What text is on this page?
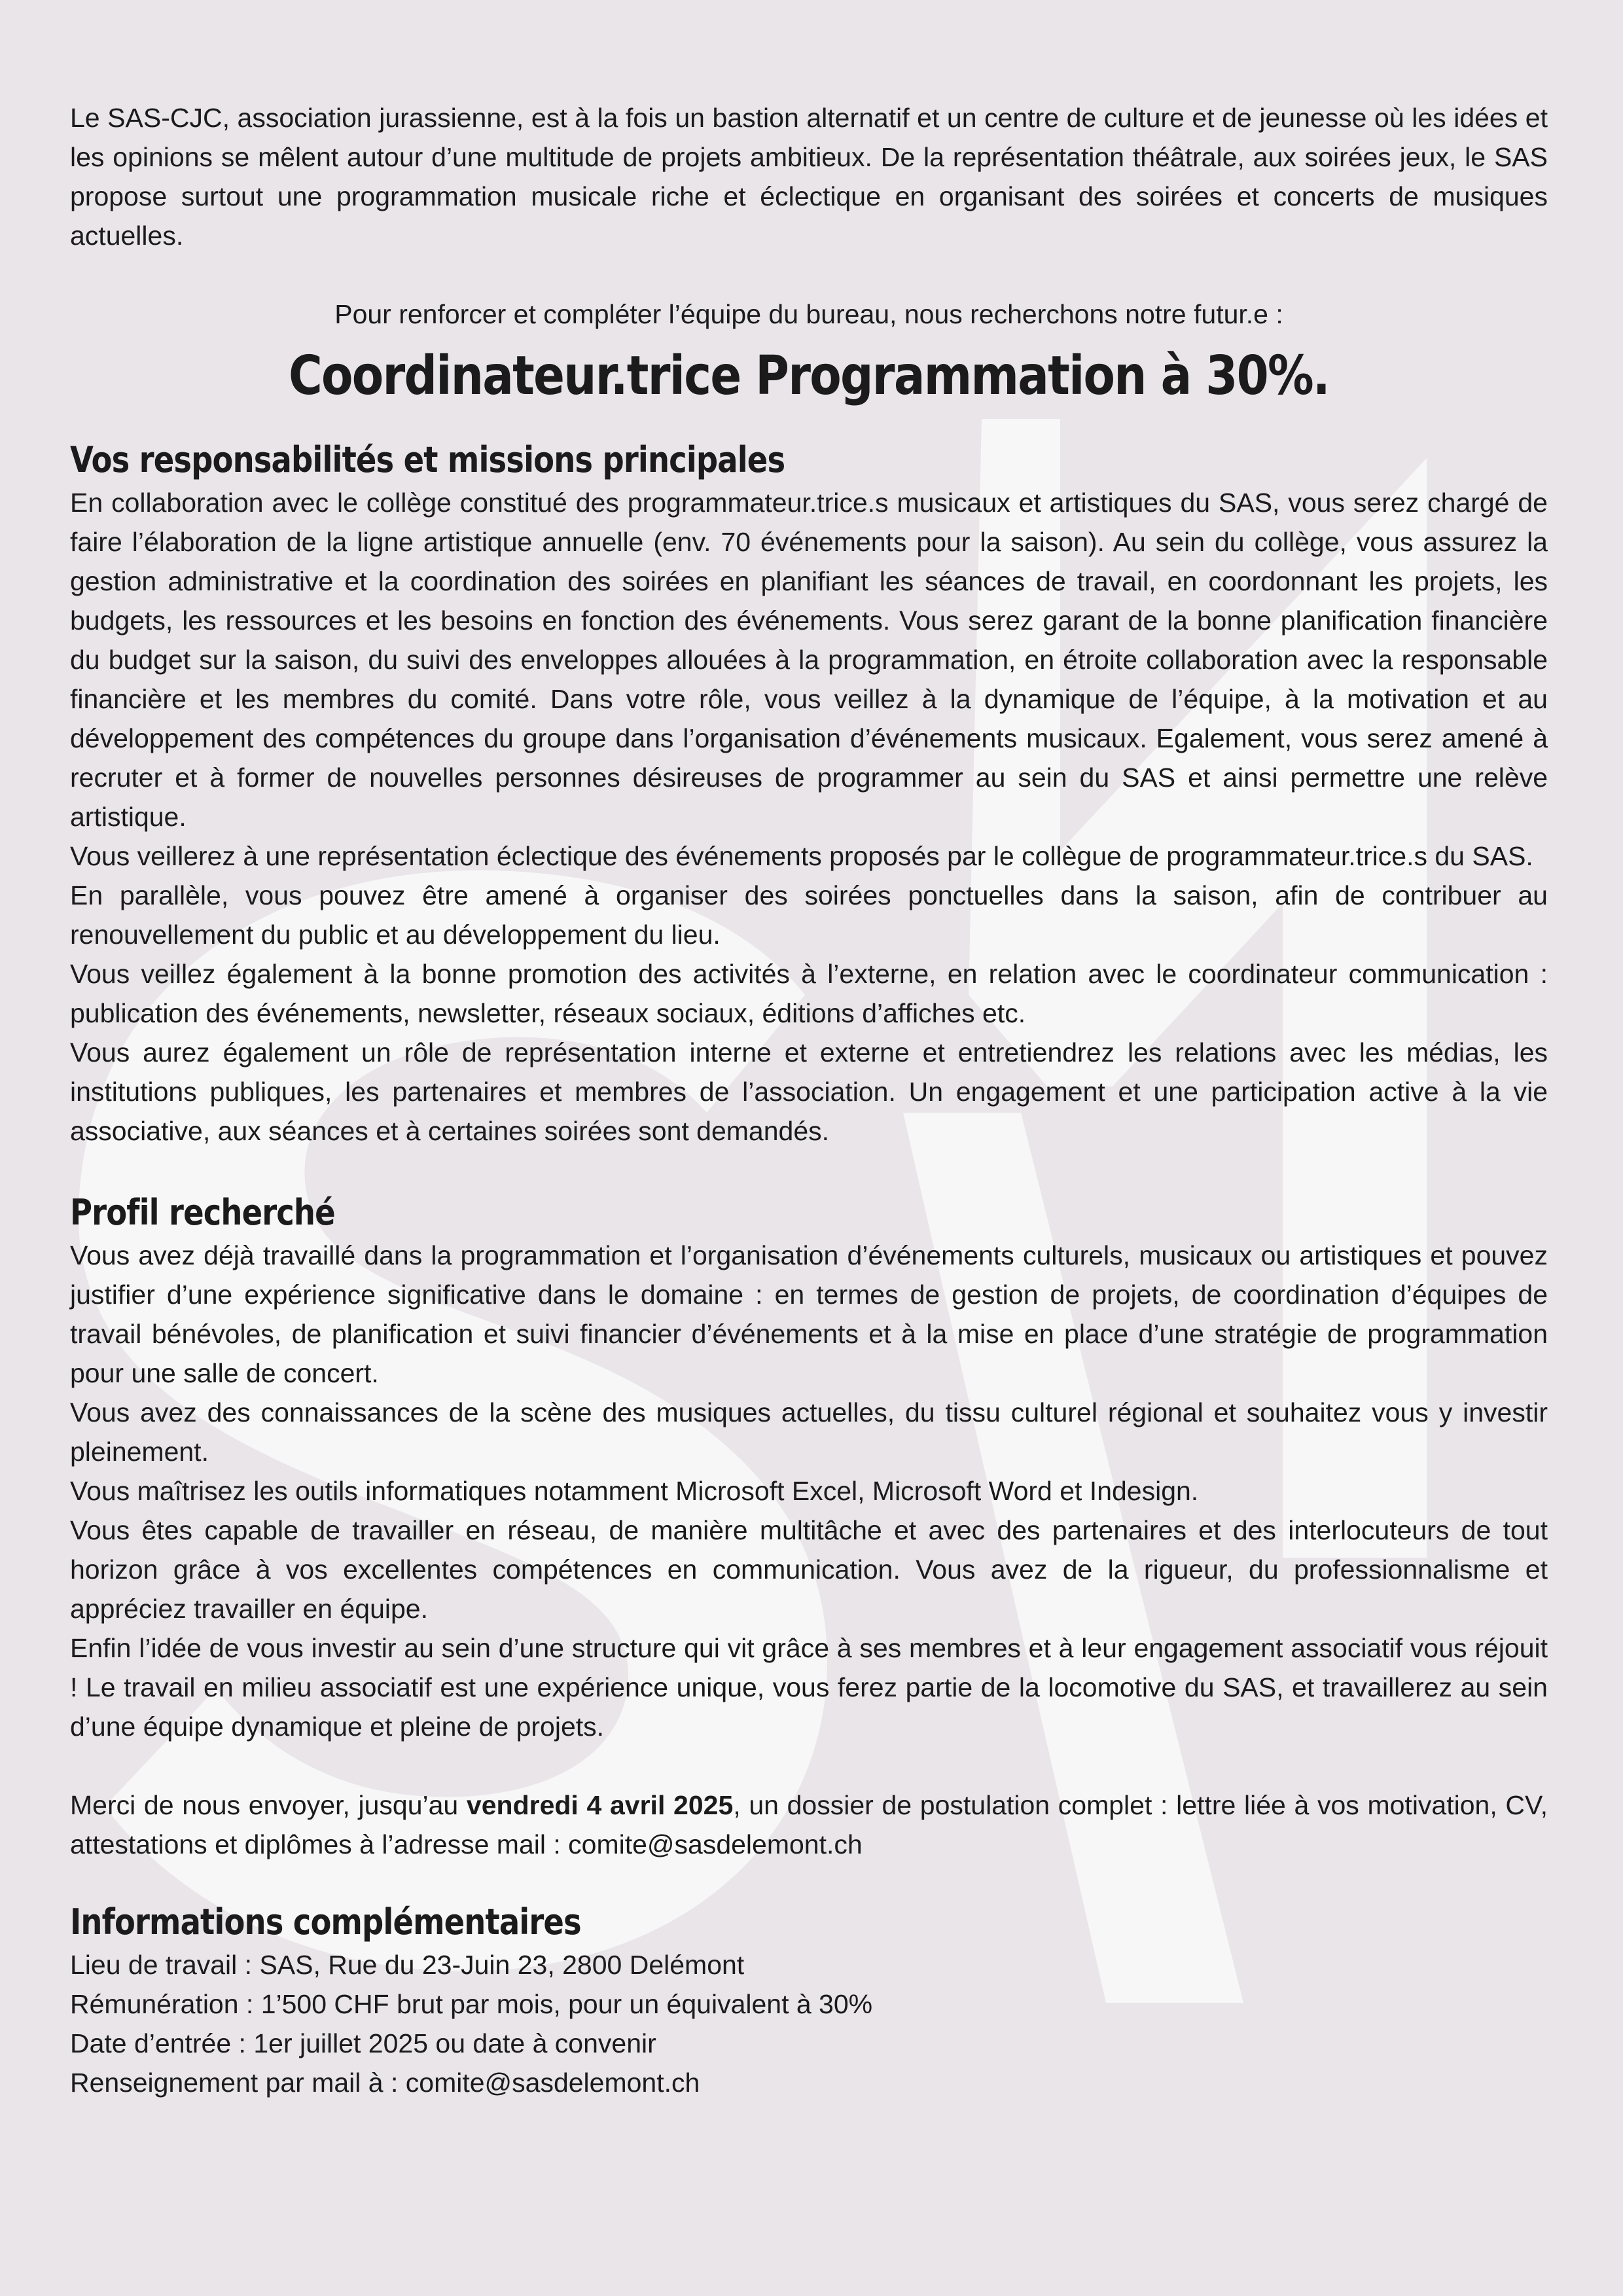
Le SAS-CJC, association jurassienne, est à la fois un bastion alternatif et un centre de culture et de jeunesse où les idées et les opinions se mêlent autour d’une multitude de projets ambitieux. De la représentation théâtrale, aux soirées jeux, le SAS propose surtout une programmation musicale riche et éclectique en organisant des soirées et concerts de musiques actuelles.

Pour renforcer et compléter l’équipe du bureau, nous recherchons notre futur.e :

Coordinateur.trice Programmation à 30%.
Vos responsabilités et missions principales

En collaboration avec le collège constitué des programmateur.trice.s musicaux et artistiques du SAS, vous serez chargé de faire l’élaboration de la ligne artistique annuelle (env. 70 événements pour la saison). Au sein du collège, vous assurez la gestion administrative et la coordination des soirées en planifiant les séances de travail, en coordonnant les projets, les budgets, les ressources et les besoins en fonction des événements. Vous serez garant de la bonne planification financière du budget sur la saison, du suivi des enveloppes allouées à la programmation, en étroite collaboration avec la responsable financière et les membres du comité. Dans votre rôle, vous veillez à la dynamique de l’équipe, à la motivation et au développement des compétences du groupe dans l’organisation d’événements musicaux. Egalement, vous serez amené à recruter et à former de nouvelles personnes désireuses de programmer au sein du SAS et ainsi permettre une relève artistique.

Vous veillerez à une représentation éclectique des événements proposés par le collègue de programmateur.trice.s du SAS.

En parallèle, vous pouvez être amené à organiser des soirées ponctuelles dans la saison, afin de contribuer au renouvellement du public et au développement du lieu.

Vous veillez également à la bonne promotion des activités à l’externe, en relation avec le coordinateur communication : publication des événements, newsletter, réseaux sociaux, éditions d’affiches etc.

Vous aurez également un rôle de représentation interne et externe et entretiendrez les relations avec les médias, les institutions publiques, les partenaires et membres de l’association. Un engagement et une participation active à la vie associative, aux séances et à certaines soirées sont demandés.

Profil recherché

Vous avez déjà travaillé dans la programmation et l’organisation d’événements culturels, musicaux ou artistiques et pouvez justifier d’une expérience significative dans le domaine : en termes de gestion de projets, de coordination d’équipes de travail bénévoles, de planification et suivi financier d’événements et à la mise en place d’une stratégie de programmation pour une salle de concert.

Vous avez des connaissances de la scène des musiques actuelles, du tissu culturel régional et souhaitez vous y investir pleinement.

Vous maîtrisez les outils informatiques notamment Microsoft Excel, Microsoft Word et Indesign.

Vous êtes capable de travailler en réseau, de manière multitâche et avec des partenaires et des interlocuteurs de tout horizon grâce à vos excellentes compétences en communication. Vous avez de la rigueur, du professionnalisme et appréciez travailler en équipe.

Enfin l’idée de vous investir au sein d’une structure qui vit grâce à ses membres et à leur engagement associatif vous réjouit ! Le travail en milieu associatif est une expérience unique, vous ferez partie de la locomotive du SAS, et travaillerez au sein d’une équipe dynamique et pleine de projets.

Merci de nous envoyer, jusqu’au vendredi 4 avril 2025, un dossier de postulation complet : lettre liée à vos motivation, CV, attestations et diplômes à l’adresse mail : comite@sasdelemont.ch

Informations complémentaires

Lieu de travail : SAS, Rue du 23-Juin 23, 2800 Delémont

Rémunération : 1’500 CHF brut par mois, pour un équivalent à 30%

Date d’entrée : 1er juillet 2025 ou date à convenir

Renseignement par mail à : comite@sasdelemont.ch
